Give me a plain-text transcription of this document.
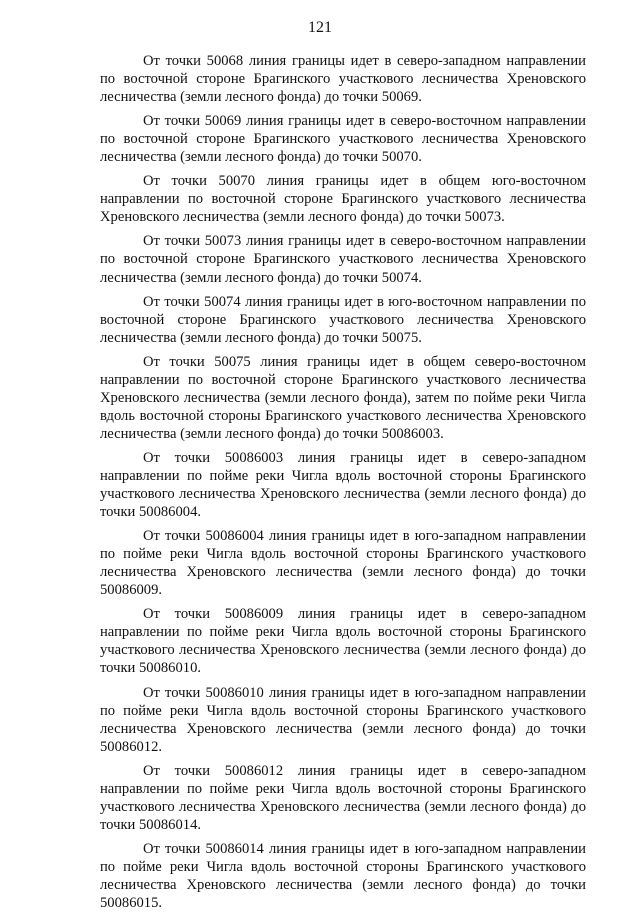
121

От точки 50068 линия границы идет в северо-западном направлении по восточной стороне Брагинского участкового лесничества Хреновского лесничества (земли лесного фонда) до точки 50069.

От точки 50069 линия границы идет в северо-восточном направлении по восточной стороне Брагинского участкового лесничества Хреновского лесничества (земли лесного фонда) до точки 50070.

От точки 50070 линия границы идет в общем юго-восточном направлении по восточной стороне Брагинского участкового лесничества Хреновского лесничества (земли лесного фонда) до точки 50073.

От точки 50073 линия границы идет в северо-восточном направлении по восточной стороне Брагинского участкового лесничества Хреновского лесничества (земли лесного фонда) до точки 50074.

От точки 50074 линия границы идет в юго-восточном направлении по восточной стороне Брагинского участкового лесничества Хреновского лесничества (земли лесного фонда) до точки 50075.

От точки 50075 линия границы идет в общем северо-восточном направлении по восточной стороне Брагинского участкового лесничества Хреновского лесничества (земли лесного фонда), затем по пойме реки Чигла вдоль восточной стороны Брагинского участкового лесничества Хреновского лесничества (земли лесного фонда) до точки 50086003.

От точки 50086003 линия границы идет в северо-западном направлении по пойме реки Чигла вдоль восточной стороны Брагинского участкового лесничества Хреновского лесничества (земли лесного фонда) до точки 50086004.

От точки 50086004 линия границы идет в юго-западном направлении по пойме реки Чигла вдоль восточной стороны Брагинского участкового лесничества Хреновского лесничества (земли лесного фонда) до точки 50086009.

От точки 50086009 линия границы идет в северо-западном направлении по пойме реки Чигла вдоль восточной стороны Брагинского участкового лесничества Хреновского лесничества (земли лесного фонда) до точки 50086010.

От точки 50086010 линия границы идет в юго-западном направлении по пойме реки Чигла вдоль восточной стороны Брагинского участкового лесничества Хреновского лесничества (земли лесного фонда) до точки 50086012.

От точки 50086012 линия границы идет в северо-западном направлении по пойме реки Чигла вдоль восточной стороны Брагинского участкового лесничества Хреновского лесничества (земли лесного фонда) до точки 50086014.

От точки 50086014 линия границы идет в юго-западном направлении по пойме реки Чигла вдоль восточной стороны Брагинского участкового лесничества Хреновского лесничества (земли лесного фонда) до точки 50086015.
